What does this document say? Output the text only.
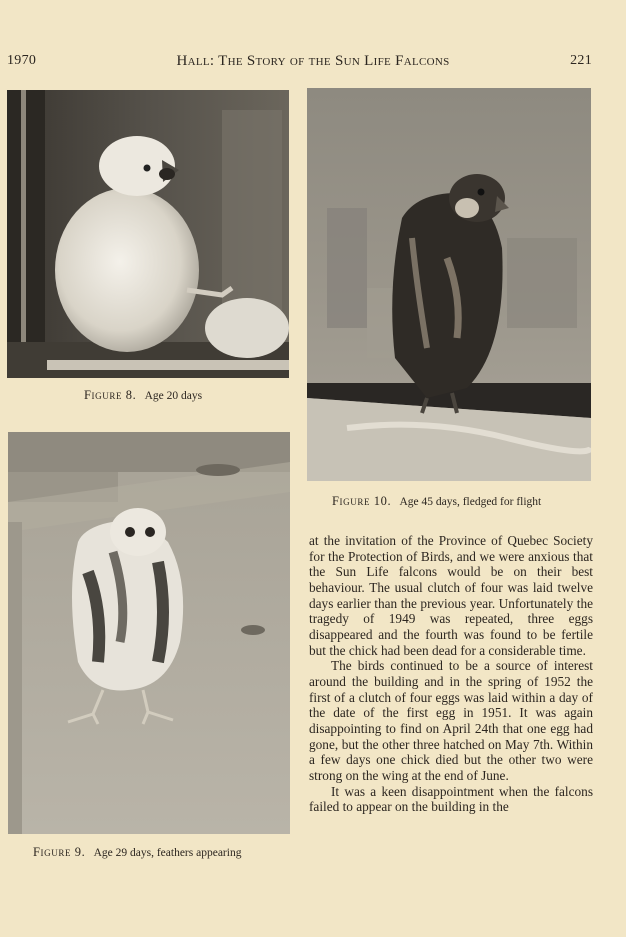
1970	Hall: The Story of the Sun Life Falcons	221
Figure 8. Age 20 days
Figure 10. Age 45 days, fledged for flight
Figure 9. Age 29 days, feathers appearing

at the invitation of the Province of Quebec Society for the Protection of Birds, and we were anxious that the Sun Life falcons would be on their best behaviour. The usual clutch of four was laid twelve days earlier than the previous year. Unfortunately the tragedy of 1949 was repeated, three eggs disappeared and the fourth was found to be fertile but the chick had been dead for a considerable time.

The birds continued to be a source of interest around the building and in the spring of 1952 the first of a clutch of four eggs was laid within a day of the date of the first egg in 1951. It was again disappointing to find on April 24th that one egg had gone, but the other three hatched on May 7th. Within a few days one chick died but the other two were strong on the wing at the end of June.

It was a keen disappointment when the falcons failed to appear on the building in the
